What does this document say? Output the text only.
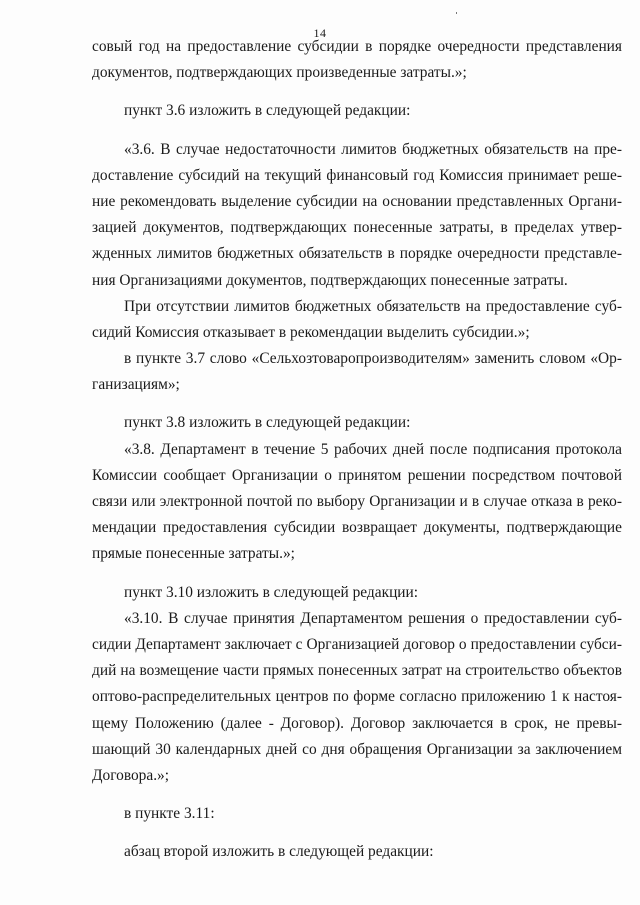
14
совый год на предоставление субсидии в порядке очередности представления
документов, подтверждающих произведенные затраты.»;
пункт 3.6 изложить в следующей редакции:
«3.6. В случае недостаточности лимитов бюджетных обязательств на пре-
доставление субсидий на текущий финансовый год Комиссия принимает реше-
ние рекомендовать выделение субсидии на основании представленных Органи-
зацией документов, подтверждающих понесенные затраты, в пределах утвер-
жденных лимитов бюджетных обязательств в порядке очередности представле-
ния Организациями документов, подтверждающих понесенные затраты.
При отсутствии лимитов бюджетных обязательств на предоставление суб-
сидий Комиссия отказывает в рекомендации выделить субсидии.»;
в пункте 3.7 слово «Сельхозтоваропроизводителям» заменить словом «Ор-
ганизациям»;
пункт 3.8 изложить в следующей редакции:
«3.8. Департамент в течение 5 рабочих дней после подписания протокола
Комиссии сообщает Организации о принятом решении посредством почтовой
связи или электронной почтой по выбору Организации и в случае отказа в реко-
мендации предоставления субсидии возвращает документы, подтверждающие
прямые понесенные затраты.»;
пункт 3.10 изложить в следующей редакции:
«3.10. В случае принятия Департаментом решения о предоставлении суб-
сидии Департамент заключает с Организацией договор о предоставлении субси-
дий на возмещение части прямых понесенных затрат на строительство объектов
оптово-распределительных центров по форме согласно приложению 1 к настоя-
щему Положению (далее - Договор). Договор заключается в срок, не превы-
шающий 30 календарных дней со дня обращения Организации за заключением
Договора.»;
в пункте 3.11:
абзац второй изложить в следующей редакции:
